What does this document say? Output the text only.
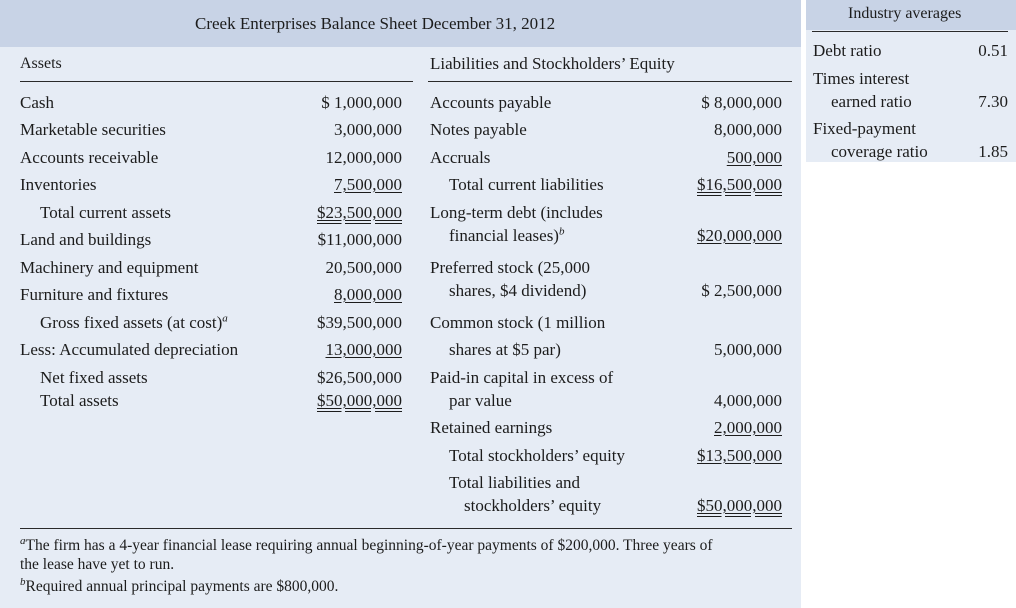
Creek Enterprises Balance Sheet December 31, 2012
Assets	Liabilities and Stockholders’ Equity
Cash	$ 1,000,000
Marketable securities	3,000,000
Accounts receivable	12,000,000
Inventories	7,500,000
Total current assets	$23,500,000
Land and buildings	$11,000,000
Machinery and equipment	20,500,000
Furniture and fixtures	8,000,000
Gross fixed assets (at cost)$^a$	$39,500,000
Less: Accumulated depreciation	13,000,000
Net fixed assets	$26,500,000
Total assets	$50,000,000
Accounts payable	$ 8,000,000
Notes payable	8,000,000
Accruals	500,000
Total current liabilities	$16,500,000
Long-term debt (includes
financial leases)$^b$	$20,000,000
Preferred stock (25,000
shares, $4 dividend)	$ 2,500,000
Common stock (1 million
shares at $5 par)	5,000,000
Paid-in capital in excess of
par value	4,000,000
Retained earnings	2,000,000
Total stockholders’ equity	$13,500,000
Total liabilities and
stockholders’ equity	$50,000,000
$^a$The firm has a 4-year financial lease requiring annual beginning-of-year payments of $200,000. Three years of
the lease have yet to run.
$^b$Required annual principal payments are $800,000.
Industry averages
Debt ratio	0.51
Times interest
earned ratio	7.30
Fixed-payment
coverage ratio	1.85
